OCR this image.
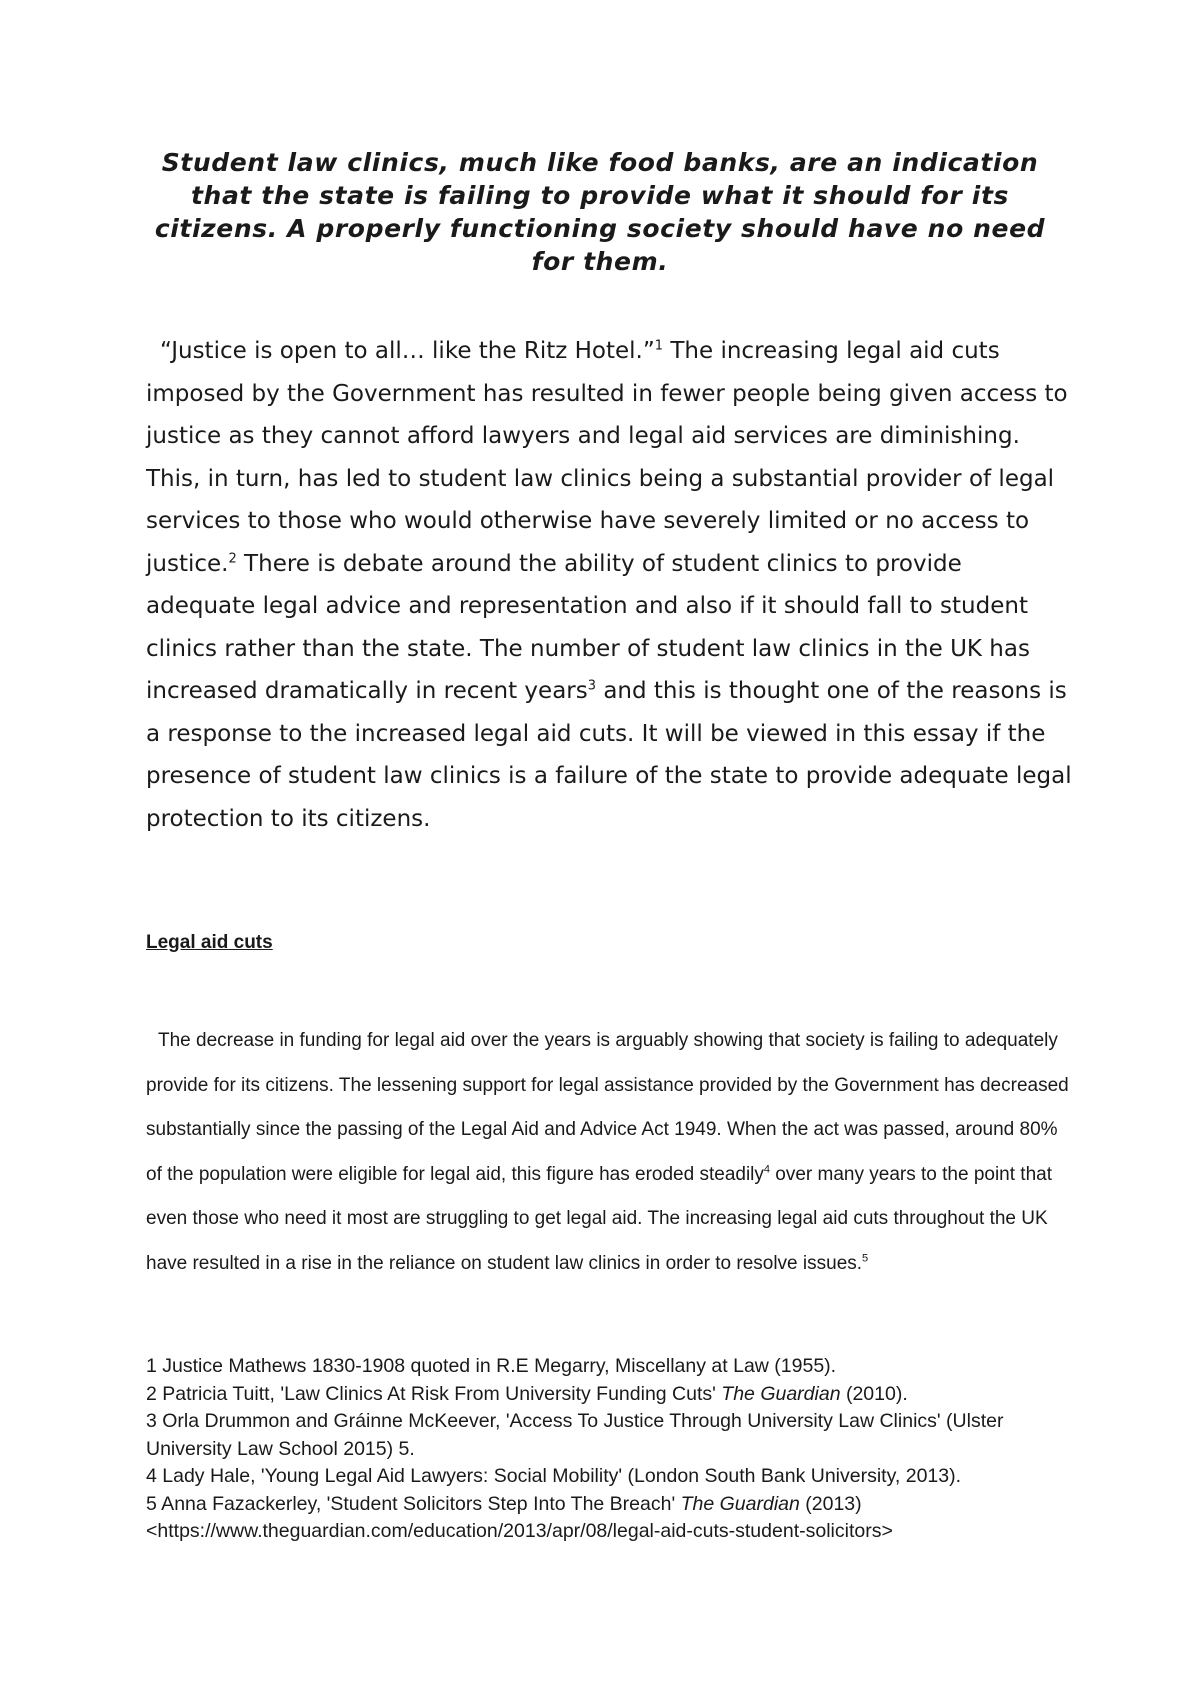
Student law clinics, much like food banks, are an indication that the state is failing to provide what it should for its citizens. A properly functioning society should have no need for them.

“Justice is open to all… like the Ritz Hotel.”$^1$ The increasing legal aid cuts imposed by the Government has resulted in fewer people being given access to justice as they cannot afford lawyers and legal aid services are diminishing. This, in turn, has led to student law clinics being a substantial provider of legal services to those who would otherwise have severely limited or no access to justice.$^2$ There is debate around the ability of student clinics to provide adequate legal advice and representation and also if it should fall to student clinics rather than the state. The number of student law clinics in the UK has increased dramatically in recent years$^3$ and this is thought one of the reasons is a response to the increased legal aid cuts. It will be viewed in this essay if the presence of student law clinics is a failure of the state to provide adequate legal protection to its citizens.

Legal aid cuts

The decrease in funding for legal aid over the years is arguably showing that society is failing to adequately provide for its citizens. The lessening support for legal assistance provided by the Government has decreased substantially since the passing of the Legal Aid and Advice Act 1949. When the act was passed, around 80% of the population were eligible for legal aid, this figure has eroded steadily$^4$ over many years to the point that even those who need it most are struggling to get legal aid. The increasing legal aid cuts throughout the UK have resulted in a rise in the reliance on student law clinics in order to resolve issues.$^5$

1 Justice Mathews 1830-1908 quoted in R.E Megarry, Miscellany at Law (1955).
2 Patricia Tuitt, 'Law Clinics At Risk From University Funding Cuts' The Guardian (2010).
3 Orla Drummon and Gráinne McKeever, 'Access To Justice Through University Law Clinics' (Ulster University Law School 2015) 5.
4 Lady Hale, 'Young Legal Aid Lawyers: Social Mobility' (London South Bank University, 2013).
5 Anna Fazackerley, 'Student Solicitors Step Into The Breach' The Guardian (2013)
<https://www.theguardian.com/education/2013/apr/08/legal-aid-cuts-student-solicitors>
